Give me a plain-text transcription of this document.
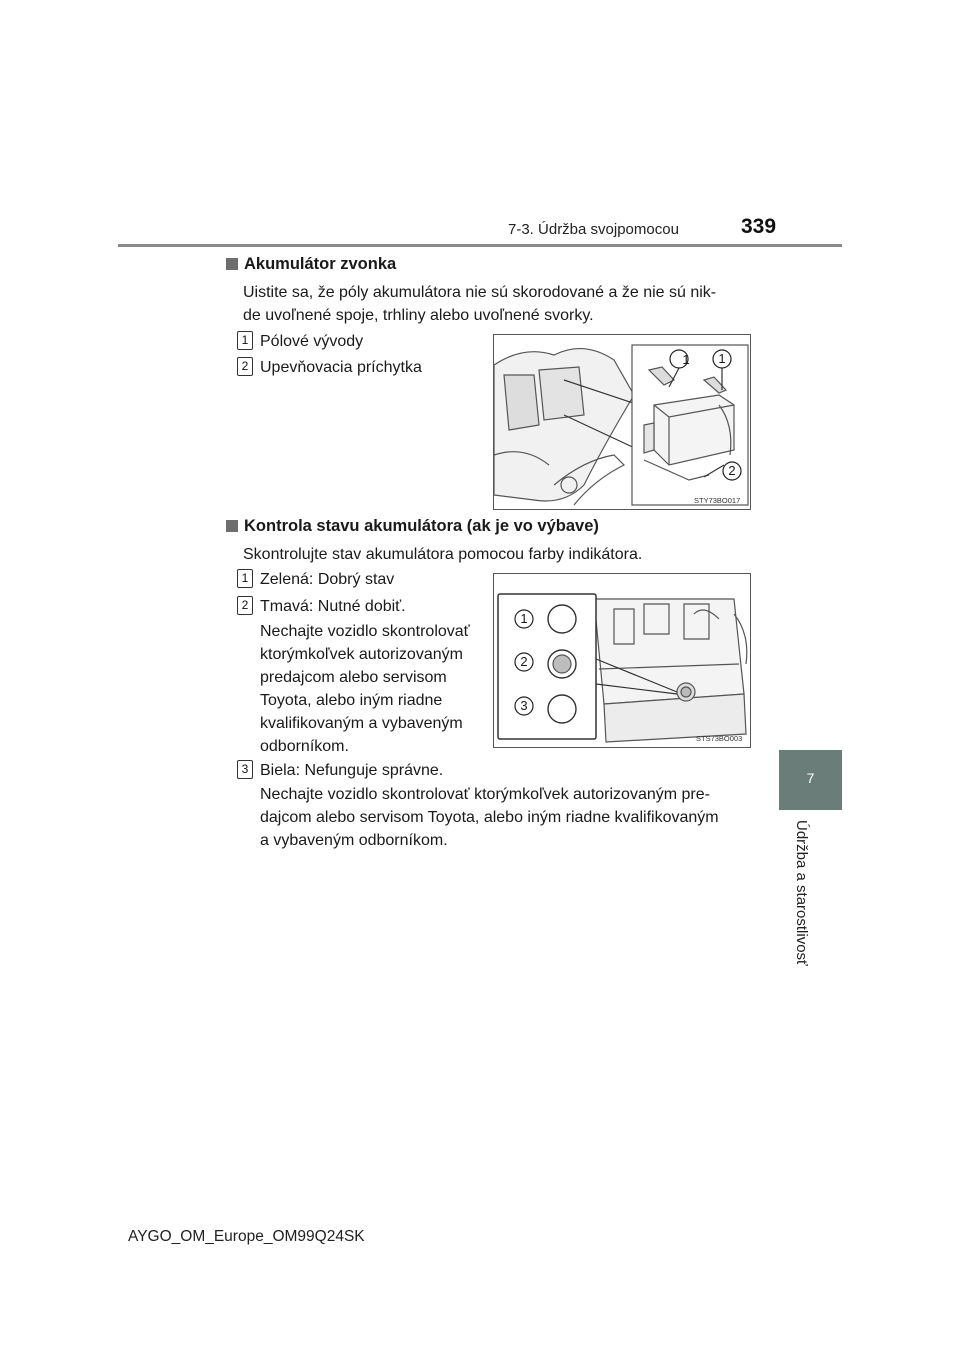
7-3. Údržba svojpomocou	339
7
Údržba a starostlivosť
Akumulátor zvonka
Uistite sa, že póly akumulátora nie sú skorodované a že nie sú nik-
de uvoľnené spoje, trhliny alebo uvoľnené svorky.
1 Pólové vývody
2 Upevňovacia príchytka	1	1
2
STY73BO017
Kontrola stavu akumulátora (ak je vo výbave)
Skontrolujte stav akumulátora pomocou farby indikátora.
1 Zelená: Dobrý stav
2 Tmavá: Nutné dobiť.
Nechajte vozidlo skontrolovať
ktorýmkoľvek autorizovaným
predajcom alebo servisom
Toyota, alebo iným riadne
kvalifikovaným a vybaveným
odborníkom.
3 Biela: Nefunguje správne.
Nechajte vozidlo skontrolovať ktorýmkoľvek autorizovaným pre-
dajcom alebo servisom Toyota, alebo iným riadne kvalifikovaným
a vybaveným odborníkom.
1
2
3
STS73BO003
AYGO_OM_Europe_OM99Q24SK
